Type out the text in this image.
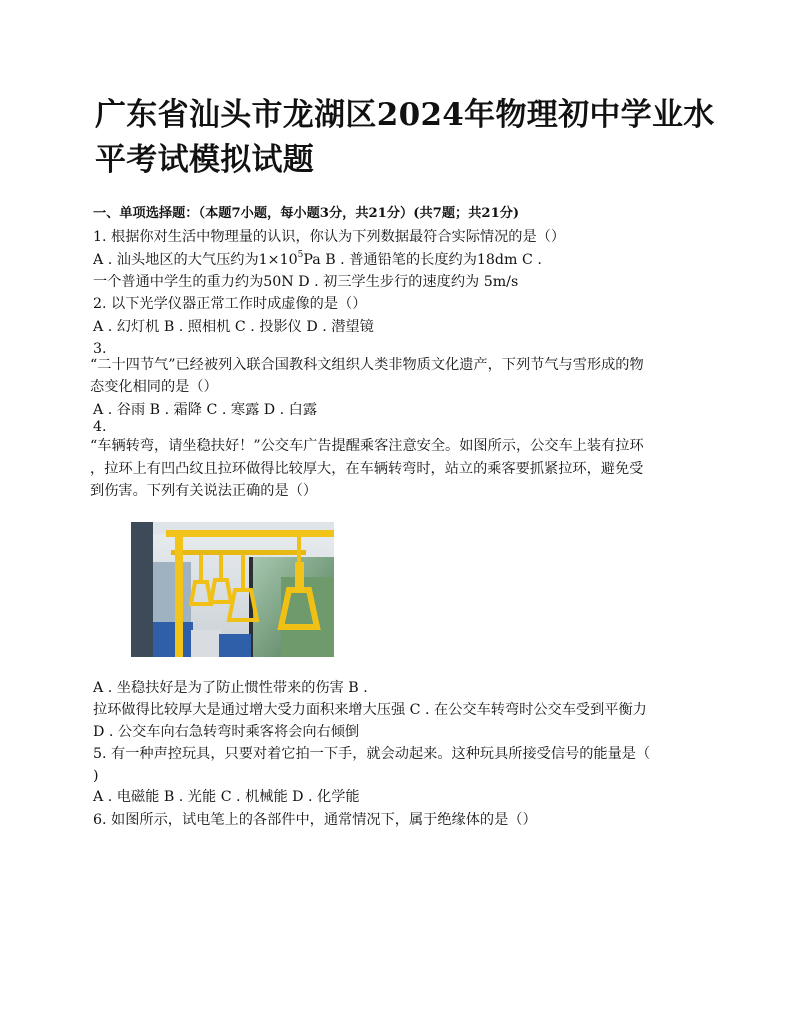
广东省汕头市龙湖区2024年物理初中学业水
平考试模拟试题
一、单项选择题：（本题7小题，每小题3分，共21分）(共7题；共21分)
1. 根据你对生活中物理量的认识，你认为下列数据最符合实际情况的是（）
A . 汕头地区的大气压约为$1\times 10^5Pa$ B . 普通铅笔的长度约为18dm C .
一个普通中学生的重力约为50N D . 初三学生步行的速度约为 5m/s
2. 以下光学仪器正常工作时成虚像的是（）
A . 幻灯机 B . 照相机 C . 投影仪 D . 潜望镜
3.
“二十四节气”已经被列入联合国教科文组织人类非物质文化遗产，下列节气与雪形成的物
态变化相同的是（）
A . 谷雨 B . 霜降 C . 寒露 D . 白露
4.
“车辆转弯，请坐稳扶好！”公交车广告提醒乘客注意安全。如图所示，公交车上装有拉环
，拉环上有凹凸纹且拉环做得比较厚大，在车辆转弯时，站立的乘客要抓紧拉环，避免受
到伤害。下列有关说法正确的是（）
A . 坐稳扶好是为了防止惯性带来的伤害 B .
拉环做得比较厚大是通过增大受力面积来增大压强 C . 在公交车转弯时公交车受到平衡力
D . 公交车向右急转弯时乘客将会向右倾倒
5. 有一种声控玩具，只要对着它拍一下手，就会动起来。这种玩具所接受信号的能量是（
)
A . 电磁能 B . 光能 C . 机械能 D . 化学能
6. 如图所示，试电笔上的各部件中，通常情况下，属于绝缘体的是（）
